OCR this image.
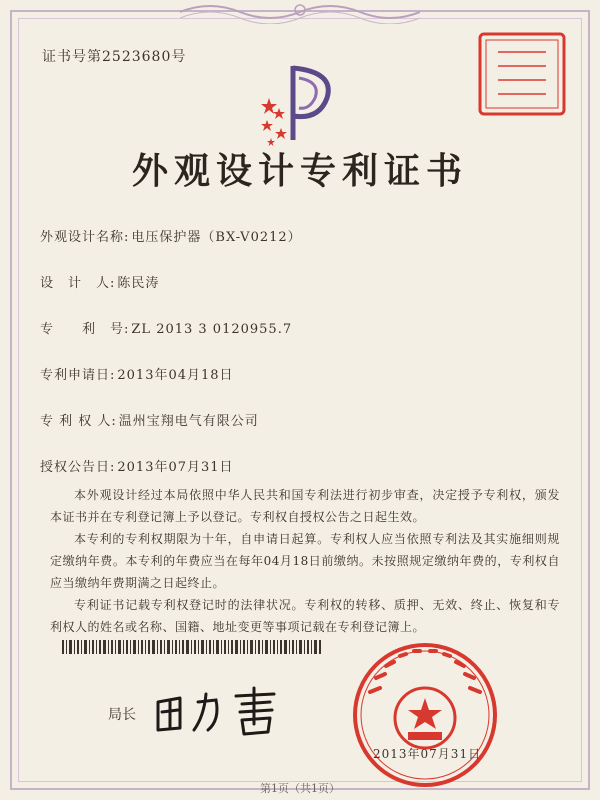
证书号第2523680号
外观设计专利证书
外观设计名称: 电压保护器（BX-V0212）
设　计　人: 陈民涛
专　　利　号: ZL 2013 3 0120955.7
专利申请日: 2013年04月18日
专 利 权 人: 温州宝翔电气有限公司
授权公告日: 2013年07月31日

本外观设计经过本局依照中华人民共和国专利法进行初步审查，决定授予专利权，颁发本证书并在专利登记簿上予以登记。专利权自授权公告之日起生效。

本专利的专利权期限为十年，自申请日起算。专利权人应当依照专利法及其实施细则规定缴纳年费。本专利的年费应当在每年04月18日前缴纳。未按照规定缴纳年费的，专利权自应当缴纳年费期满之日起终止。

专利证书记载专利权登记时的法律状况。专利权的转移、质押、无效、终止、恢复和专利权人的姓名或名称、国籍、地址变更等事项记载在专利登记簿上。

局长
2013年07月31日
第1页（共1页）
